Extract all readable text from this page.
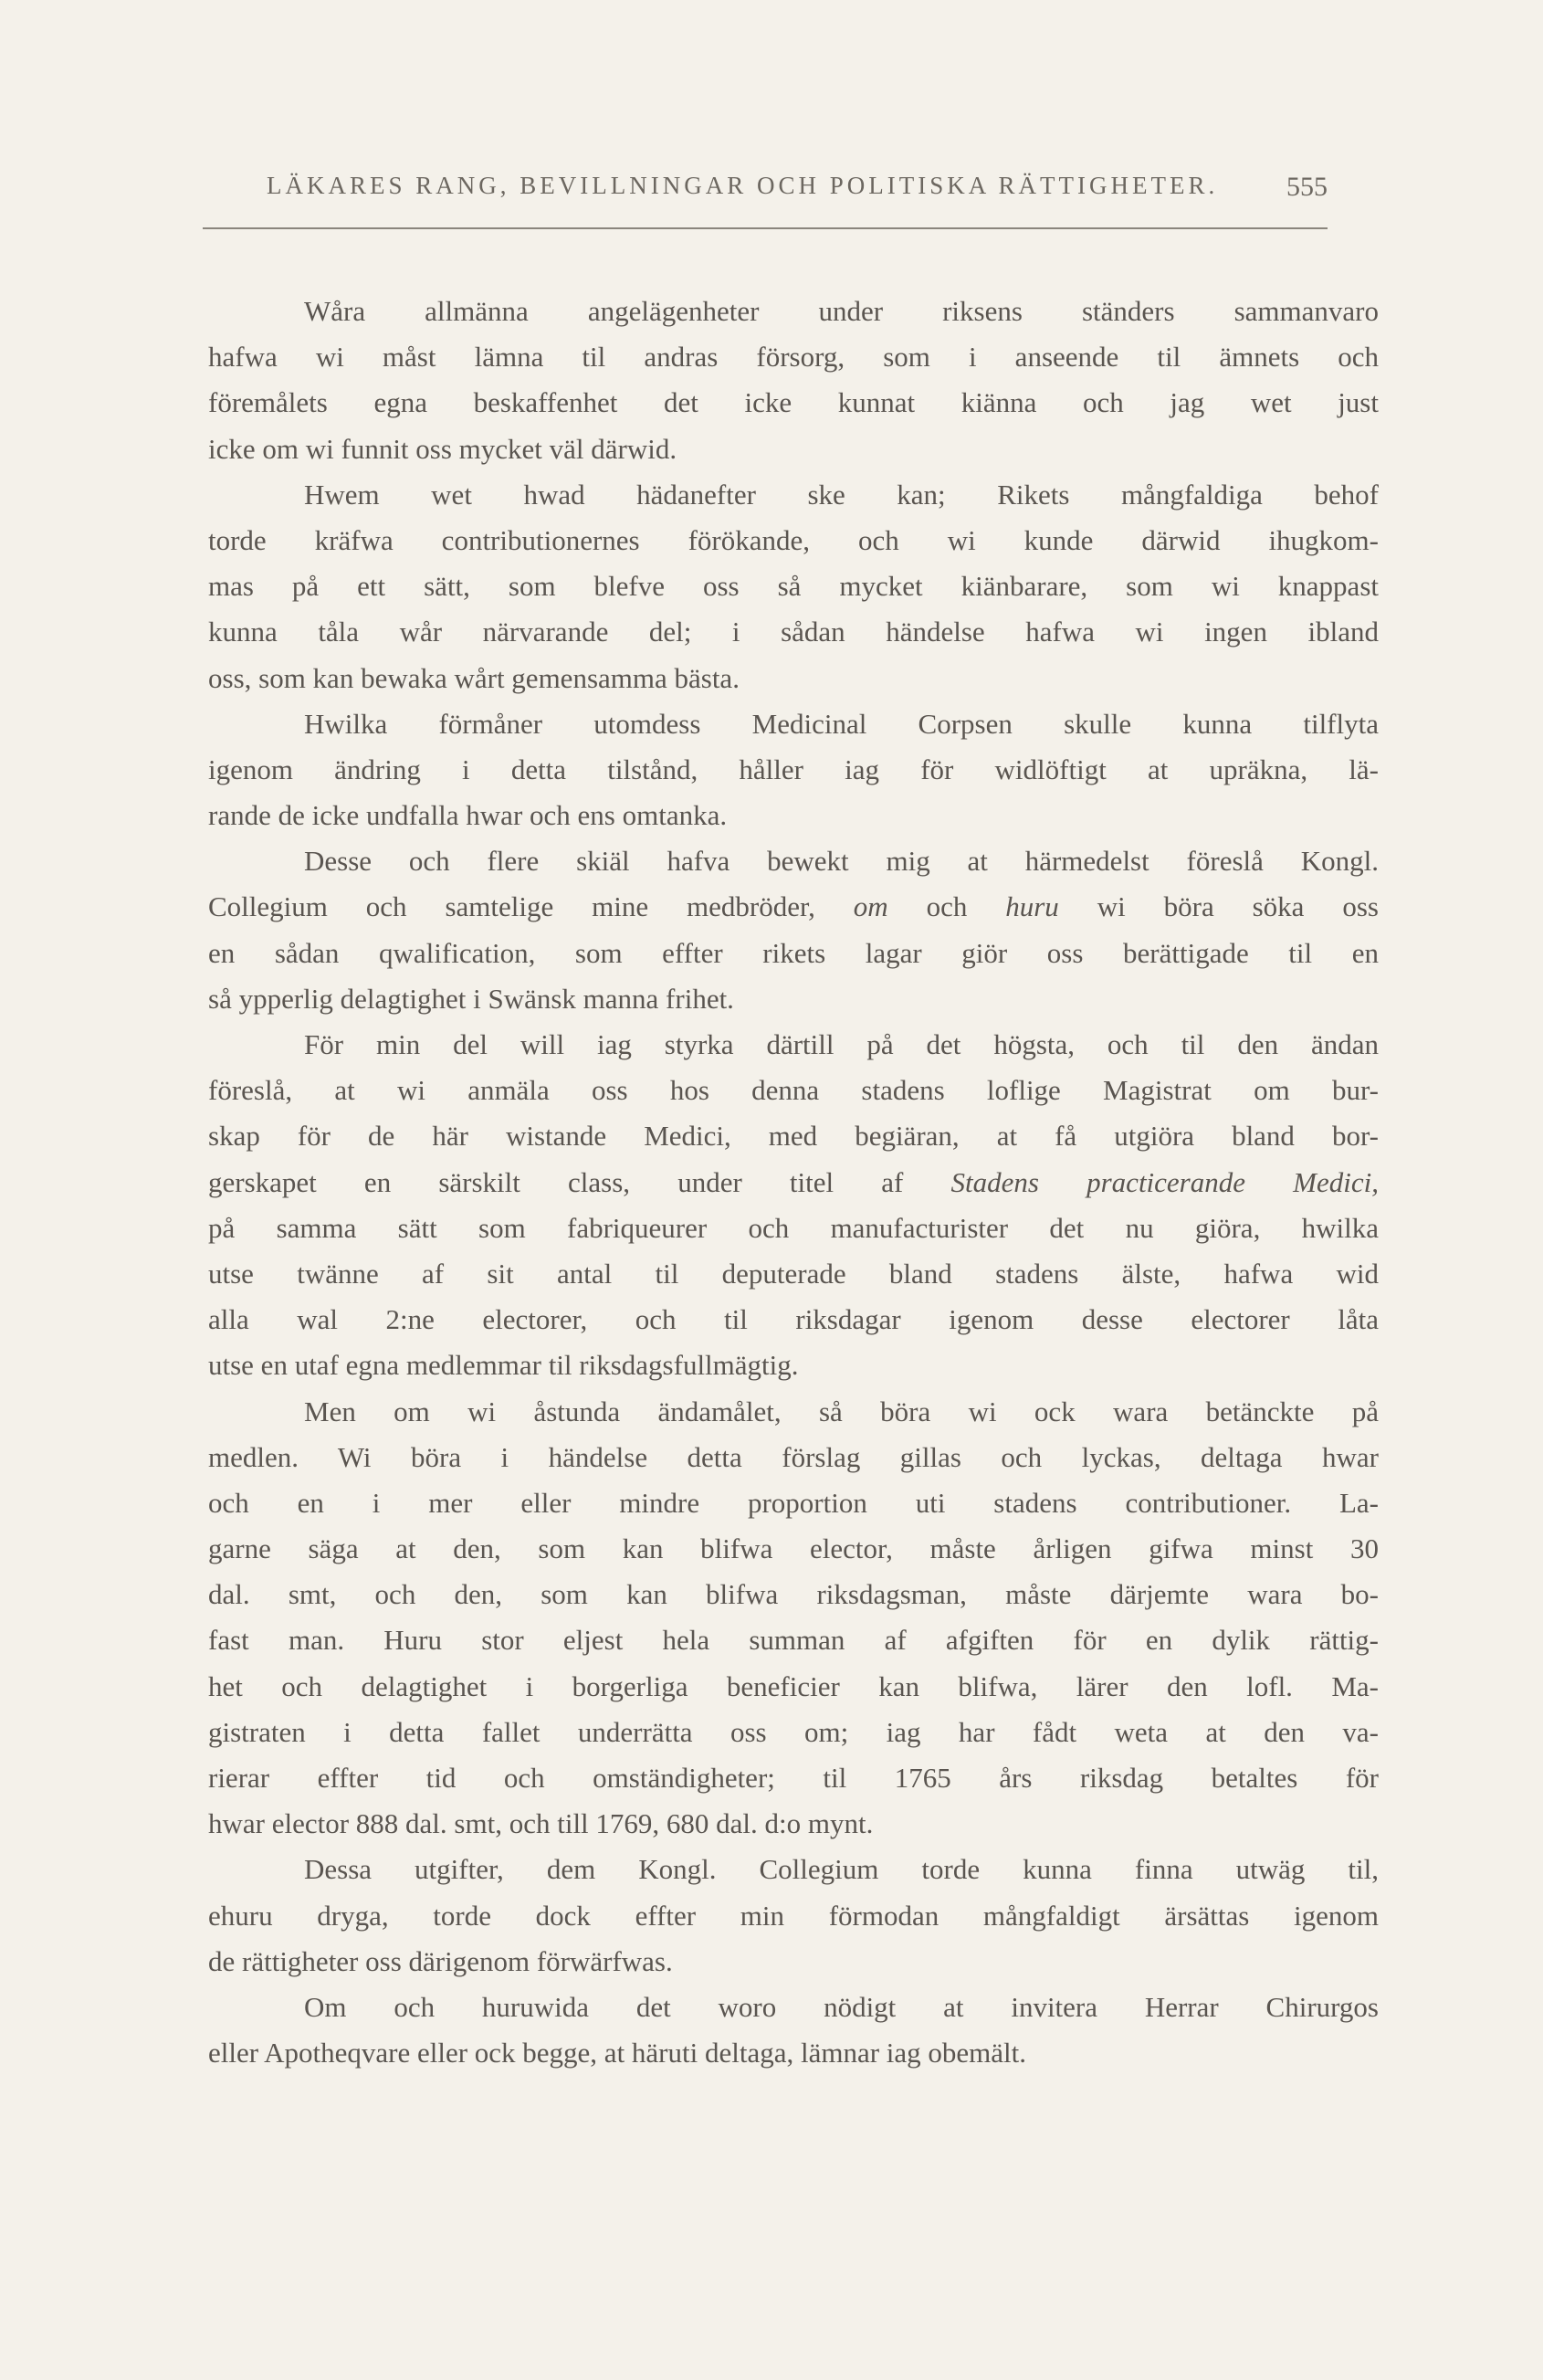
LÄKARES RANG, BEVILLNINGAR OCH POLITISKA RÄTTIGHETER. 555
Wåra allmänna angelägenheter under riksens ständers sammanvaro
hafwa wi måst lämna til andras försorg, som i anseende til ämnets och
föremålets egna beskaffenhet det icke kunnat kiänna och jag wet just
icke om wi funnit oss mycket väl därwid.
Hwem wet hwad hädanefter ske kan; Rikets mångfaldiga behof
torde kräfwa contributionernes förökande, och wi kunde därwid ihugkom-
mas på ett sätt, som blefve oss så mycket kiänbarare, som wi knappast
kunna tåla wår närvarande del; i sådan händelse hafwa wi ingen ibland
oss, som kan bewaka wårt gemensamma bästa.
Hwilka förmåner utomdess Medicinal Corpsen skulle kunna tilflyta
igenom ändring i detta tilstånd, håller iag för widlöftigt at upräkna, lä-
rande de icke undfalla hwar och ens omtanka.
Desse och flere skiäl hafva bewekt mig at härmedelst föreslå Kongl.
Collegium och samtelige mine medbröder, om och huru wi böra söka oss
en sådan qwalification, som effter rikets lagar giör oss berättigade til en
så ypperlig delagtighet i Swänsk manna frihet.
För min del will iag styrka därtill på det högsta, och til den ändan
föreslå, at wi anmäla oss hos denna stadens loflige Magistrat om bur-
skap för de här wistande Medici, med begiäran, at få utgiöra bland bor-
gerskapet en särskilt class, under titel af Stadens practicerande Medici,
på samma sätt som fabriqueurer och manufacturister det nu giöra, hwilka
utse twänne af sit antal til deputerade bland stadens älste, hafwa wid
alla wal 2:ne electorer, och til riksdagar igenom desse electorer låta
utse en utaf egna medlemmar til riksdagsfullmägtig.
Men om wi åstunda ändamålet, så böra wi ock wara betänckte på
medlen. Wi böra i händelse detta förslag gillas och lyckas, deltaga hwar
och en i mer eller mindre proportion uti stadens contributioner. La-
garne säga at den, som kan blifwa elector, måste årligen gifwa minst 30
dal. smt, och den, som kan blifwa riksdagsman, måste därjemte wara bo-
fast man. Huru stor eljest hela summan af afgiften för en dylik rättig-
het och delagtighet i borgerliga beneficier kan blifwa, lärer den lofl. Ma-
gistraten i detta fallet underrätta oss om; iag har fådt weta at den va-
rierar effter tid och omständigheter; til 1765 års riksdag betaltes för
hwar elector 888 dal. smt, och till 1769, 680 dal. d:o mynt.
Dessa utgifter, dem Kongl. Collegium torde kunna finna utwäg til,
ehuru dryga, torde dock effter min förmodan mångfaldigt ärsättas igenom
de rättigheter oss därigenom förwärfwas.
Om och huruwida det woro nödigt at invitera Herrar Chirurgos
eller Apotheqvare eller ock begge, at häruti deltaga, lämnar iag obemält.
